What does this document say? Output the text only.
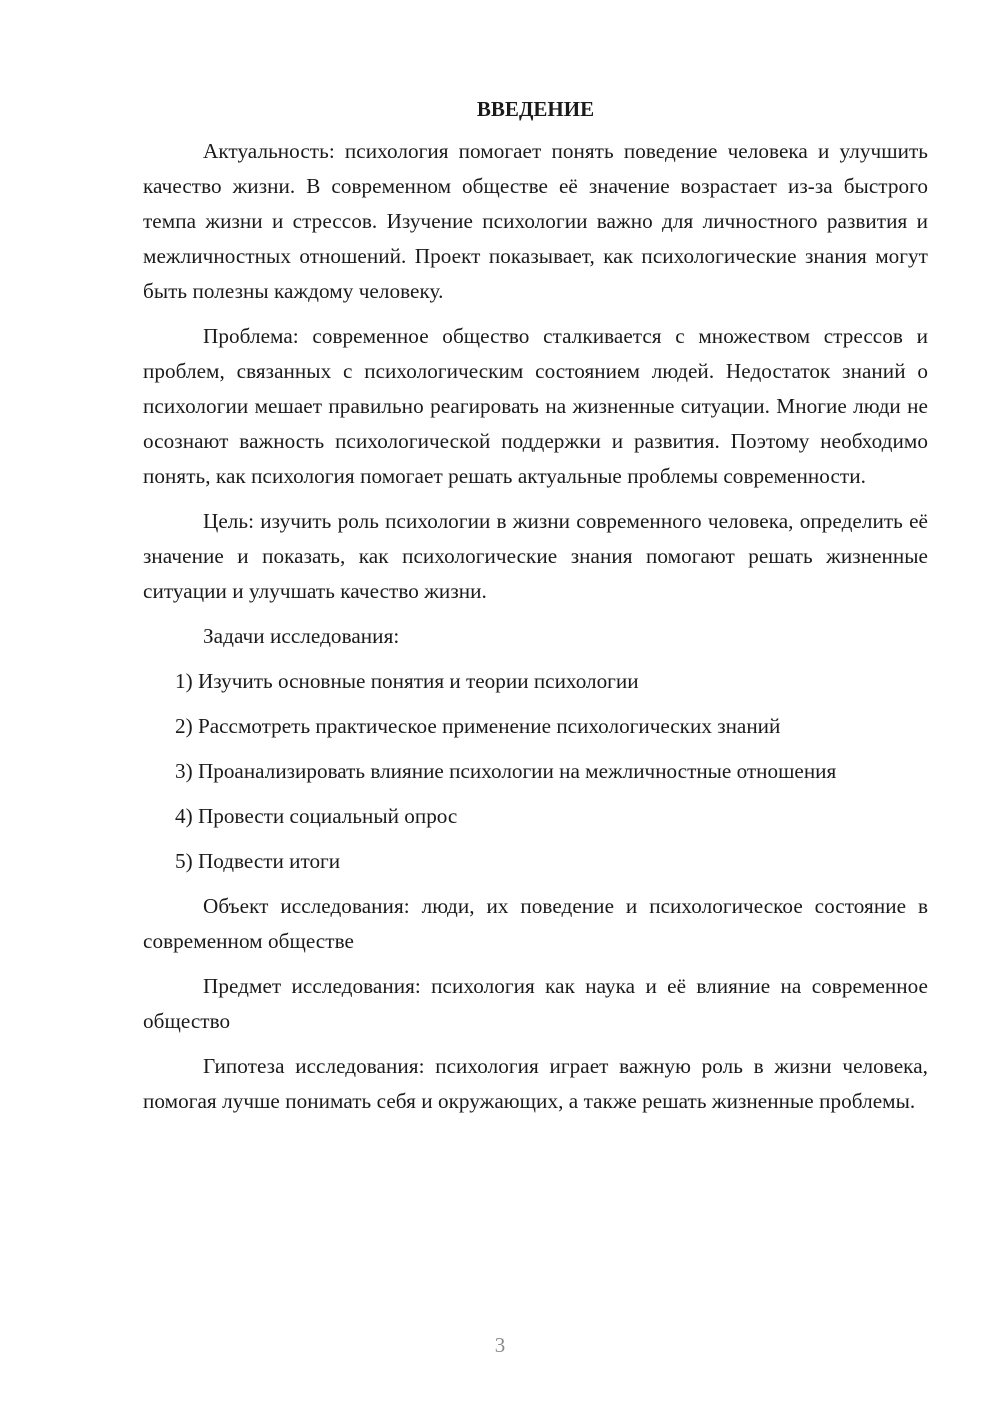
ВВЕДЕНИЕ

Актуальность: психология помогает понять поведение человека и улучшить качество жизни. В современном обществе её значение возрастает из-за быстрого темпа жизни и стрессов. Изучение психологии важно для личностного развития и межличностных отношений. Проект показывает, как психологические знания могут быть полезны каждому человеку.

Проблема: современное общество сталкивается с множеством стрессов и проблем, связанных с психологическим состоянием людей. Недостаток знаний о психологии мешает правильно реагировать на жизненные ситуации. Многие люди не осознают важность психологической поддержки и развития. Поэтому необходимо понять, как психология помогает решать актуальные проблемы современности.

Цель: изучить роль психологии в жизни современного человека, определить её значение и показать, как психологические знания помогают решать жизненные ситуации и улучшать качество жизни.

Задачи исследования:

1) Изучить основные понятия и теории психологии

2) Рассмотреть практическое применение психологических знаний

3) Проанализировать влияние психологии на межличностные отношения

4) Провести социальный опрос

5) Подвести итоги

Объект исследования: люди, их поведение и психологическое состояние в современном обществе

Предмет исследования: психология как наука и её влияние на современное общество

Гипотеза исследования: психология играет важную роль в жизни человека, помогая лучше понимать себя и окружающих, а также решать жизненные проблемы.

3
